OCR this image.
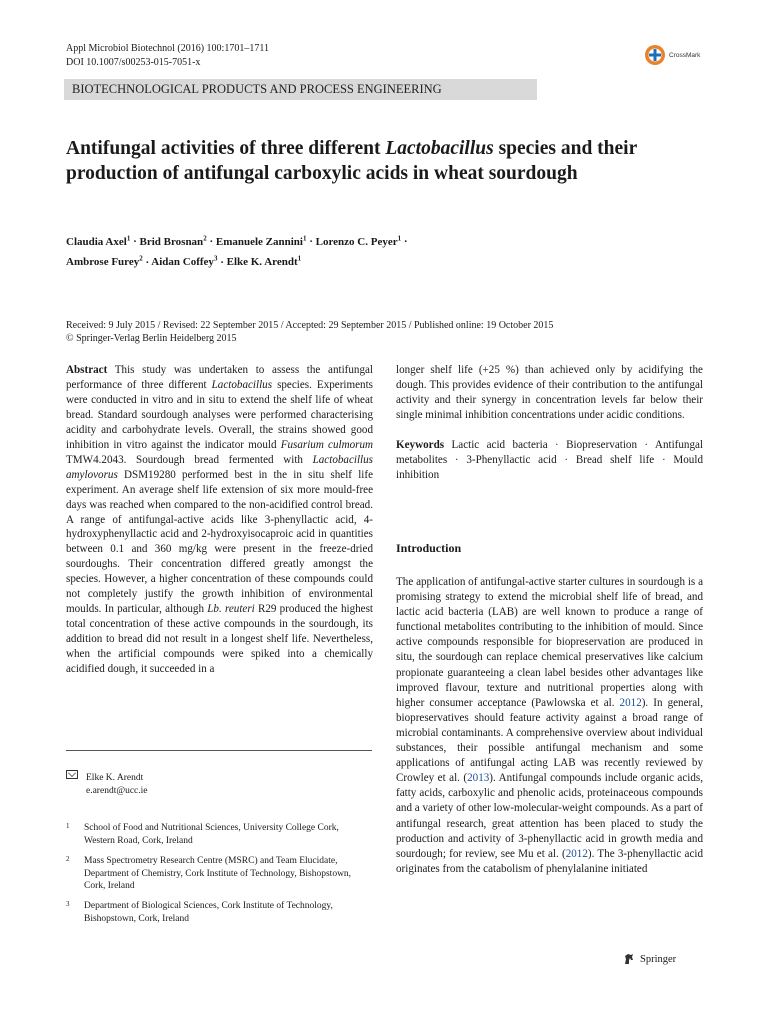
Appl Microbiol Biotechnol (2016) 100:1701–1711
DOI 10.1007/s00253-015-7051-x
CrossMark
BIOTECHNOLOGICAL PRODUCTS AND PROCESS ENGINEERING
Antifungal activities of three different Lactobacillus species and their production of antifungal carboxylic acids in wheat sourdough
Claudia Axel$^1$ · Brid Brosnan$^2$ · Emanuele Zannini$^1$ · Lorenzo C. Peyer$^1$ ·
Ambrose Furey$^2$ · Aidan Coffey$^3$ · Elke K. Arendt$^1$
Received: 9 July 2015 / Revised: 22 September 2015 / Accepted: 29 September 2015 / Published online: 19 October 2015
© Springer-Verlag Berlin Heidelberg 2015

Abstract This study was undertaken to assess the antifungal performance of three different Lactobacillus species. Experiments were conducted in vitro and in situ to extend the shelf life of wheat bread. Standard sourdough analyses were performed characterising acidity and carbohydrate levels. Overall, the strains showed good inhibition in vitro against the indicator mould Fusarium culmorum TMW4.2043. Sourdough bread fermented with Lactobacillus amylovorus DSM19280 performed best in the in situ shelf life experiment. An average shelf life extension of six more mould-free days was reached when compared to the non-acidified control bread. A range of antifungal-active acids like 3-phenyllactic acid, 4-hydroxyphenyllactic acid and 2-hydroxyisocaproic acid in quantities between 0.1 and 360 mg/kg were present in the freeze-dried sourdoughs. Their concentration differed greatly amongst the species. However, a higher concentration of these compounds could not completely justify the growth inhibition of environmental moulds. In particular, although Lb. reuteri R29 produced the highest total concentration of these active compounds in the sourdough, its addition to bread did not result in a longest shelf life. Nevertheless, when the artificial compounds were spiked into a chemically acidified dough, it succeeded in a

longer shelf life (+25 %) than achieved only by acidifying the dough. This provides evidence of their contribution to the antifungal activity and their synergy in concentration levels far below their single minimal inhibition concentrations under acidic conditions.

Keywords Lactic acid bacteria · Biopreservation · Antifungal metabolites · 3-Phenyllactic acid · Bread shelf life · Mould inhibition

Introduction
The application of antifungal-active starter cultures in sourdough is a promising strategy to extend the microbial shelf life of bread, and lactic acid bacteria (LAB) are well known to produce a range of functional metabolites contributing to the inhibition of mould. Since active compounds responsible for biopreservation are produced in situ, the sourdough can replace chemical preservatives like calcium propionate guaranteeing a clean label besides other advantages like improved flavour, texture and nutritional properties along with higher consumer acceptance (Pawlowska et al. 2012). In general, biopreservatives should feature activity against a broad range of microbial contaminants. A comprehensive overview about individual substances, their possible antifungal mechanism and some applications of antifungal acting LAB was recently reviewed by Crowley et al. (2013). Antifungal compounds include organic acids, fatty acids, carboxylic and phenolic acids, proteinaceous compounds and a variety of other low-molecular-weight compounds. As a part of antifungal research, great attention has been placed to study the production and activity of 3-phenyllactic acid in growth media and sourdough; for review, see Mu et al. (2012). The 3-phenyllactic acid originates from the catabolism of phenylalanine initiated
Elke K. Arendt
e.arendt@ucc.ie
1 School of Food and Nutritional Sciences, University College Cork, Western Road, Cork, Ireland
2 Mass Spectrometry Research Centre (MSRC) and Team Elucidate, Department of Chemistry, Cork Institute of Technology, Bishopstown, Cork, Ireland
3 Department of Biological Sciences, Cork Institute of Technology, Bishopstown, Cork, Ireland
Springer
